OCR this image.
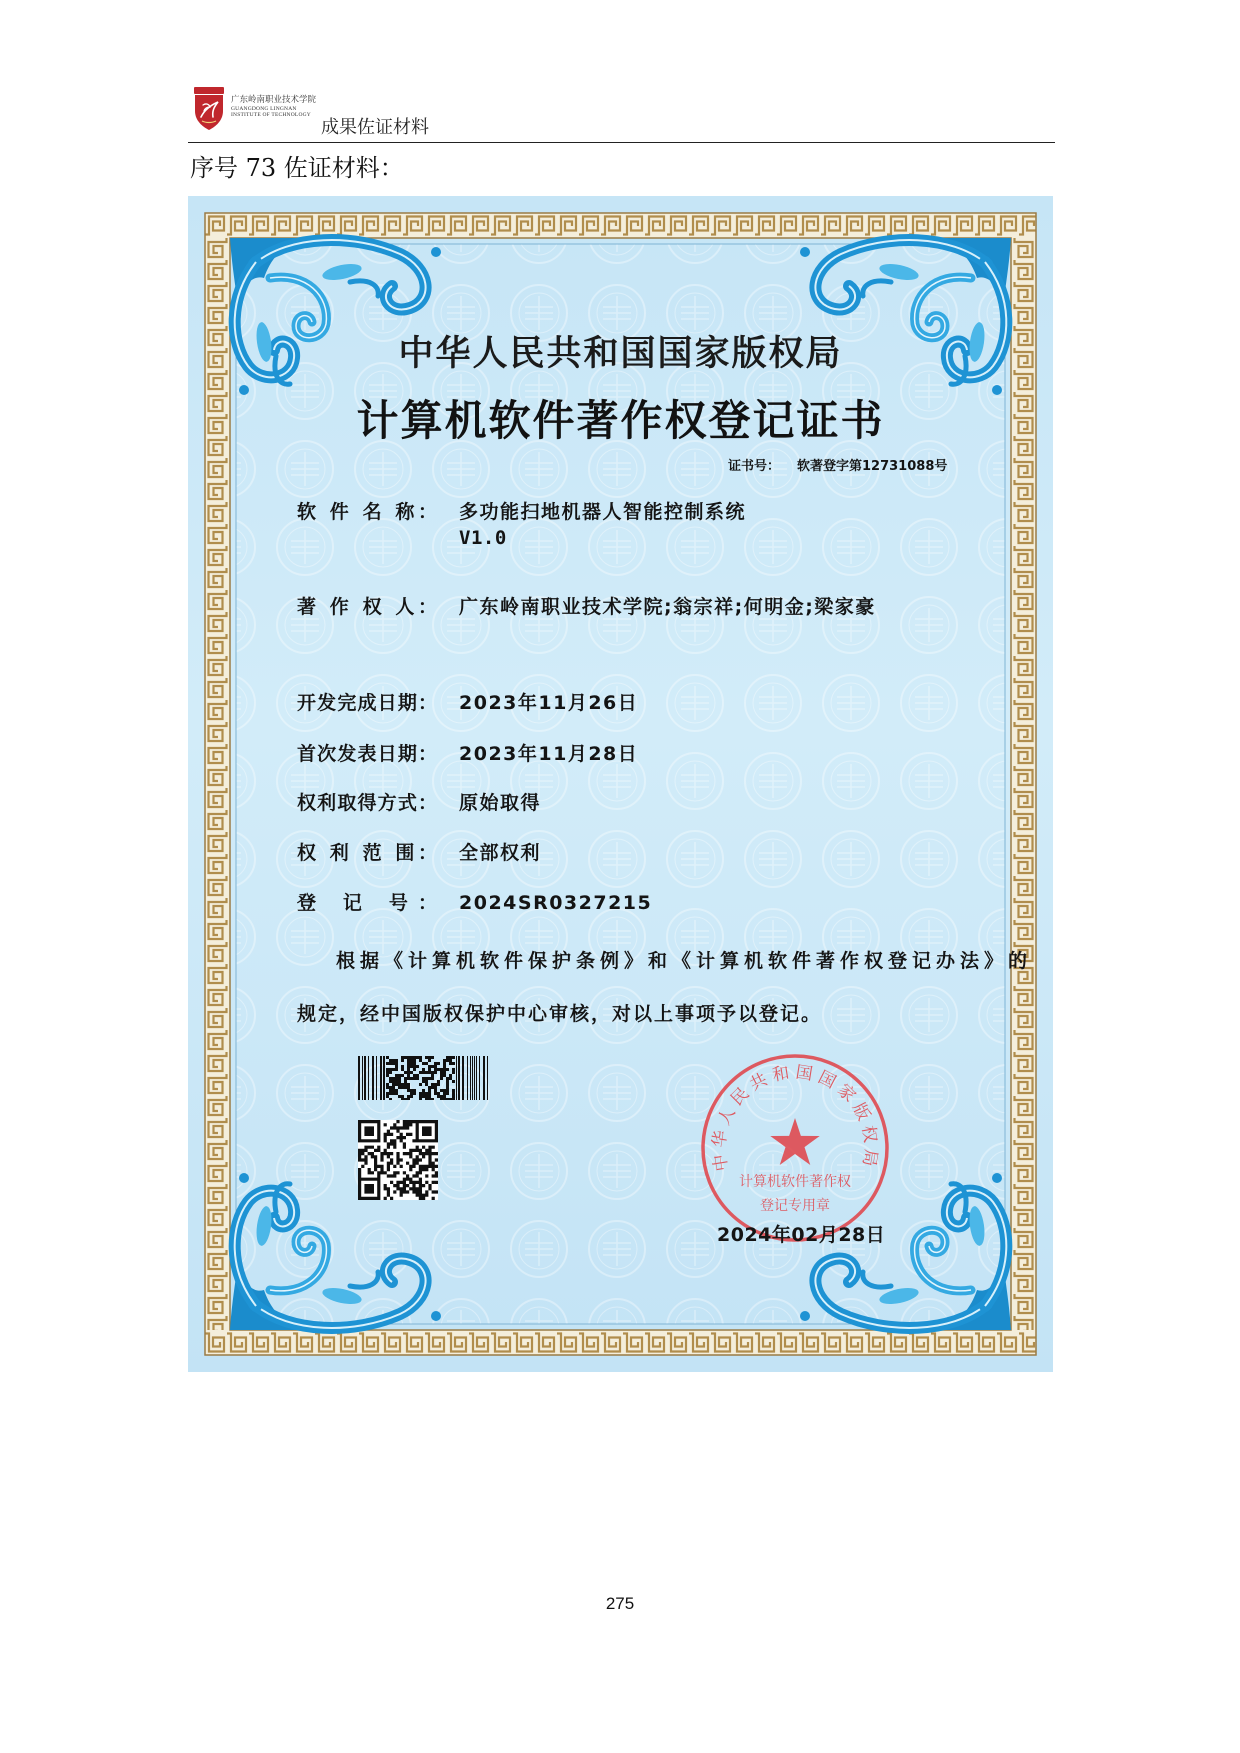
广东岭南职业技术学院
GUANGDONG LINGNAN
INSTITUTE OF TECHNOLOGY
成果佐证材料
序号 73 佐证材料：
中华人民共和国国家版权局
计算机软件著作权登记证书
证书号： 软著登字第12731088号
软 件 名 称： 多功能扫地机器人智能控制系统
V1.0
著 作 权 人： 广东岭南职业技术学院;翁宗祥;何明金;梁家豪
开发完成日期： 2023年11月26日
首次发表日期： 2023年11月28日
权利取得方式： 原始取得
权 利 范 围： 全部权利
登 记 号： 2024SR0327215
根据《计算机软件保护条例》和《计算机软件著作权登记办法》的
规定，经中国版权保护中心审核，对以上事项予以登记。
中华人民共和国国家版权局
计算机软件著作权
登记专用章
2024年02月28日
275
